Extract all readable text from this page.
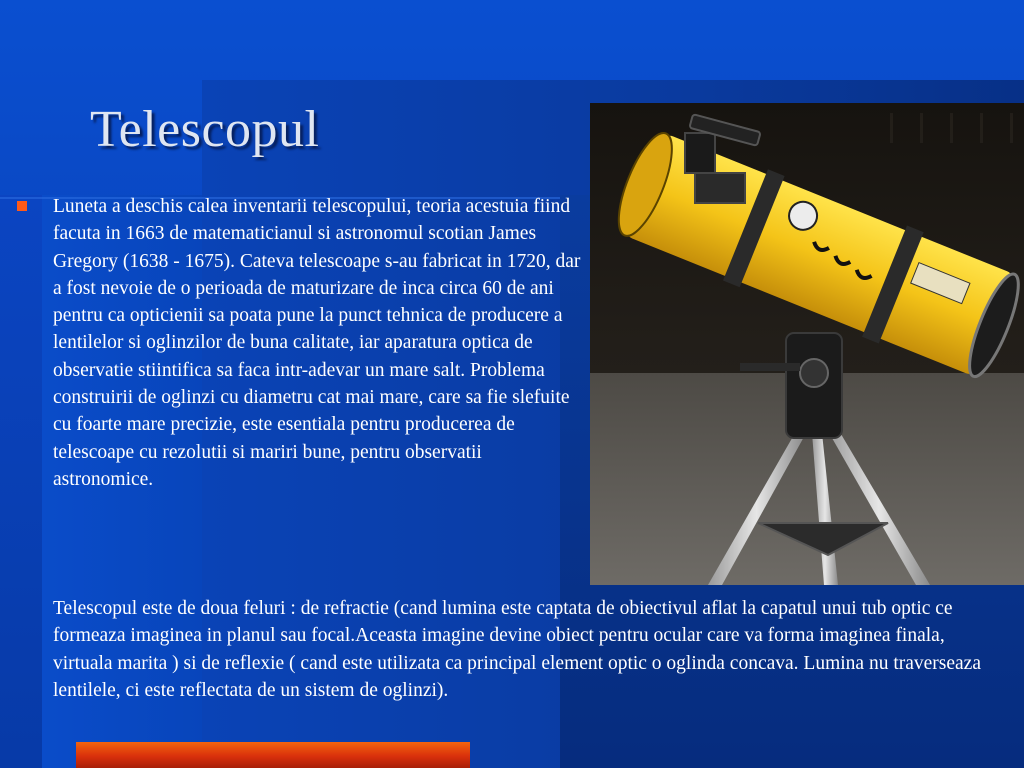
Telescopul
Luneta a deschis calea inventarii telescopului, teoria acestuia fiind facuta in 1663 de matematicianul si astronomul scotian James Gregory (1638 - 1675). Cateva telescoape s-au fabricat in 1720, dar a fost nevoie de o perioada de maturizare de inca circa 60 de ani pentru ca opticienii sa poata pune la punct tehnica de producere a lentilelor si oglinzilor de buna calitate, iar aparatura optica de observatie stiintifica sa faca intr-adevar un mare salt. Problema construirii de oglinzi cu diametru cat mai mare, care sa fie slefuite cu foarte mare precizie, este esentiala pentru producerea de telescoape cu rezolutii si mariri bune, pentru observatii astronomice.
Telescopul este de doua feluri : de refractie (cand lumina este captata de obiectivul aflat la capatul unui tub optic ce formeaza imaginea in planul sau focal.Aceasta imagine devine obiect pentru ocular care va forma imaginea finala, virtuala marita ) si de reflexie ( cand este utilizata ca principal element optic o oglinda concava. Lumina nu traverseaza lentilele, ci este reflectata de un sistem de oglinzi).
